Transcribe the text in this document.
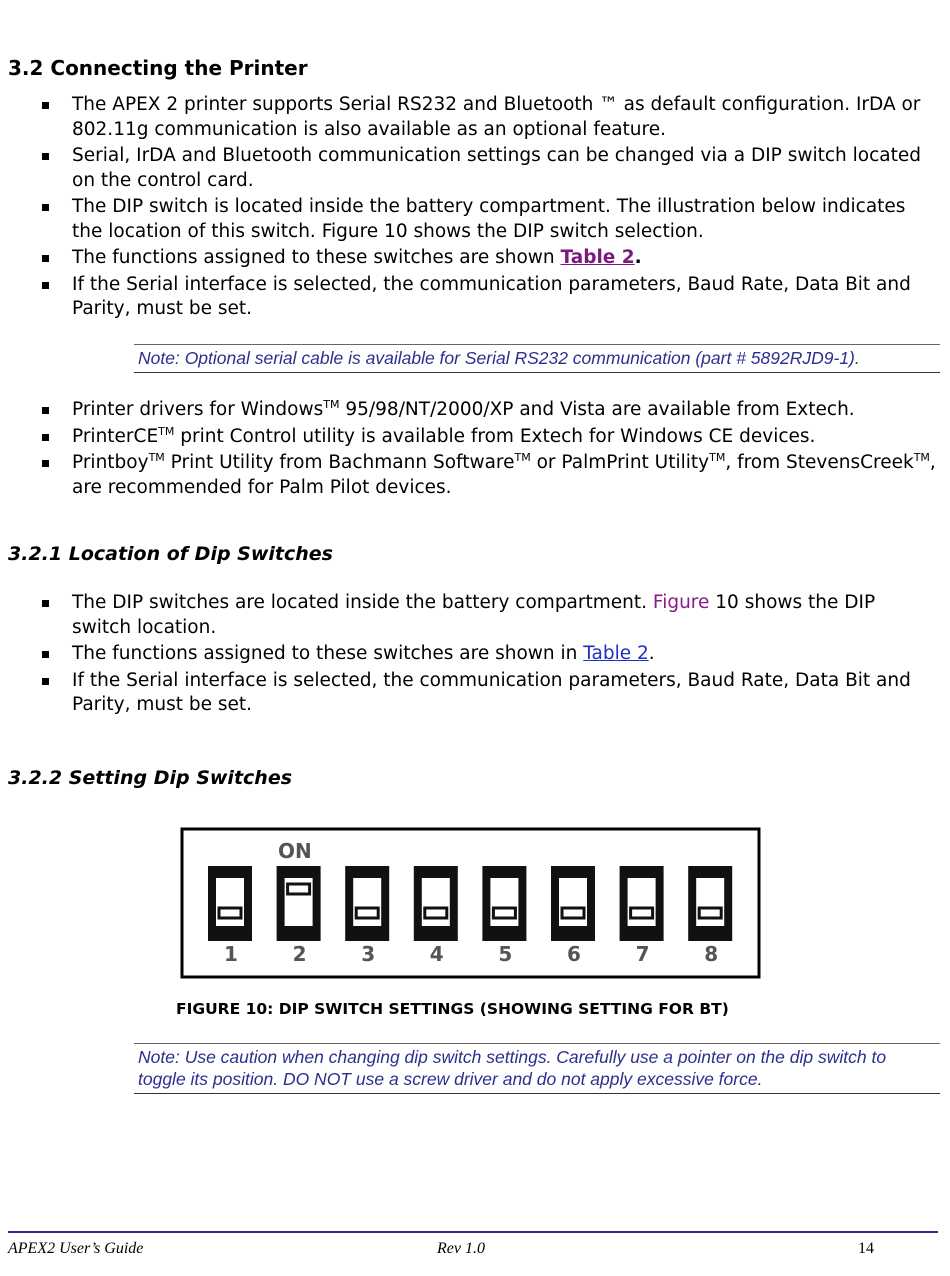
3.2 Connecting the Printer
The APEX 2 printer supports Serial RS232 and Bluetooth ™ as default configuration. IrDA or 802.11g communication is also available as an optional feature.
Serial, IrDA and Bluetooth communication settings can be changed via a DIP switch located on the control card.
The DIP switch is located inside the battery compartment. The illustration below indicates the location of this switch. Figure 10 shows the DIP switch selection.
The functions assigned to these switches are shown Table 2.
If the Serial interface is selected, the communication parameters, Baud Rate, Data Bit and Parity, must be set.
Note: Optional serial cable is available for Serial RS232 communication (part # 5892RJD9-1).
Printer drivers for Windows™ 95/98/NT/2000/XP and Vista are available from Extech.
PrinterCE™ print Control utility is available from Extech for Windows CE devices.
Printboy™ Print Utility from Bachmann Software™ or PalmPrint Utility™, from StevensCreek™, are recommended for Palm Pilot devices.
3.2.1 Location of Dip Switches
The DIP switches are located inside the battery compartment. Figure 10 shows the DIP switch location.
The functions assigned to these switches are shown in Table 2.
If the Serial interface is selected, the communication parameters, Baud Rate, Data Bit and Parity, must be set.
3.2.2 Setting Dip Switches
ON
1	2	3	4	5	6	7	8
FIGURE 10: DIP SWITCH SETTINGS (SHOWING SETTING FOR BT)
Note: Use caution when changing dip switch settings. Carefully use a pointer on the dip switch to toggle its position. DO NOT use a screw driver and do not apply excessive force.
APEX2 User’s Guide	Rev 1.0	14
